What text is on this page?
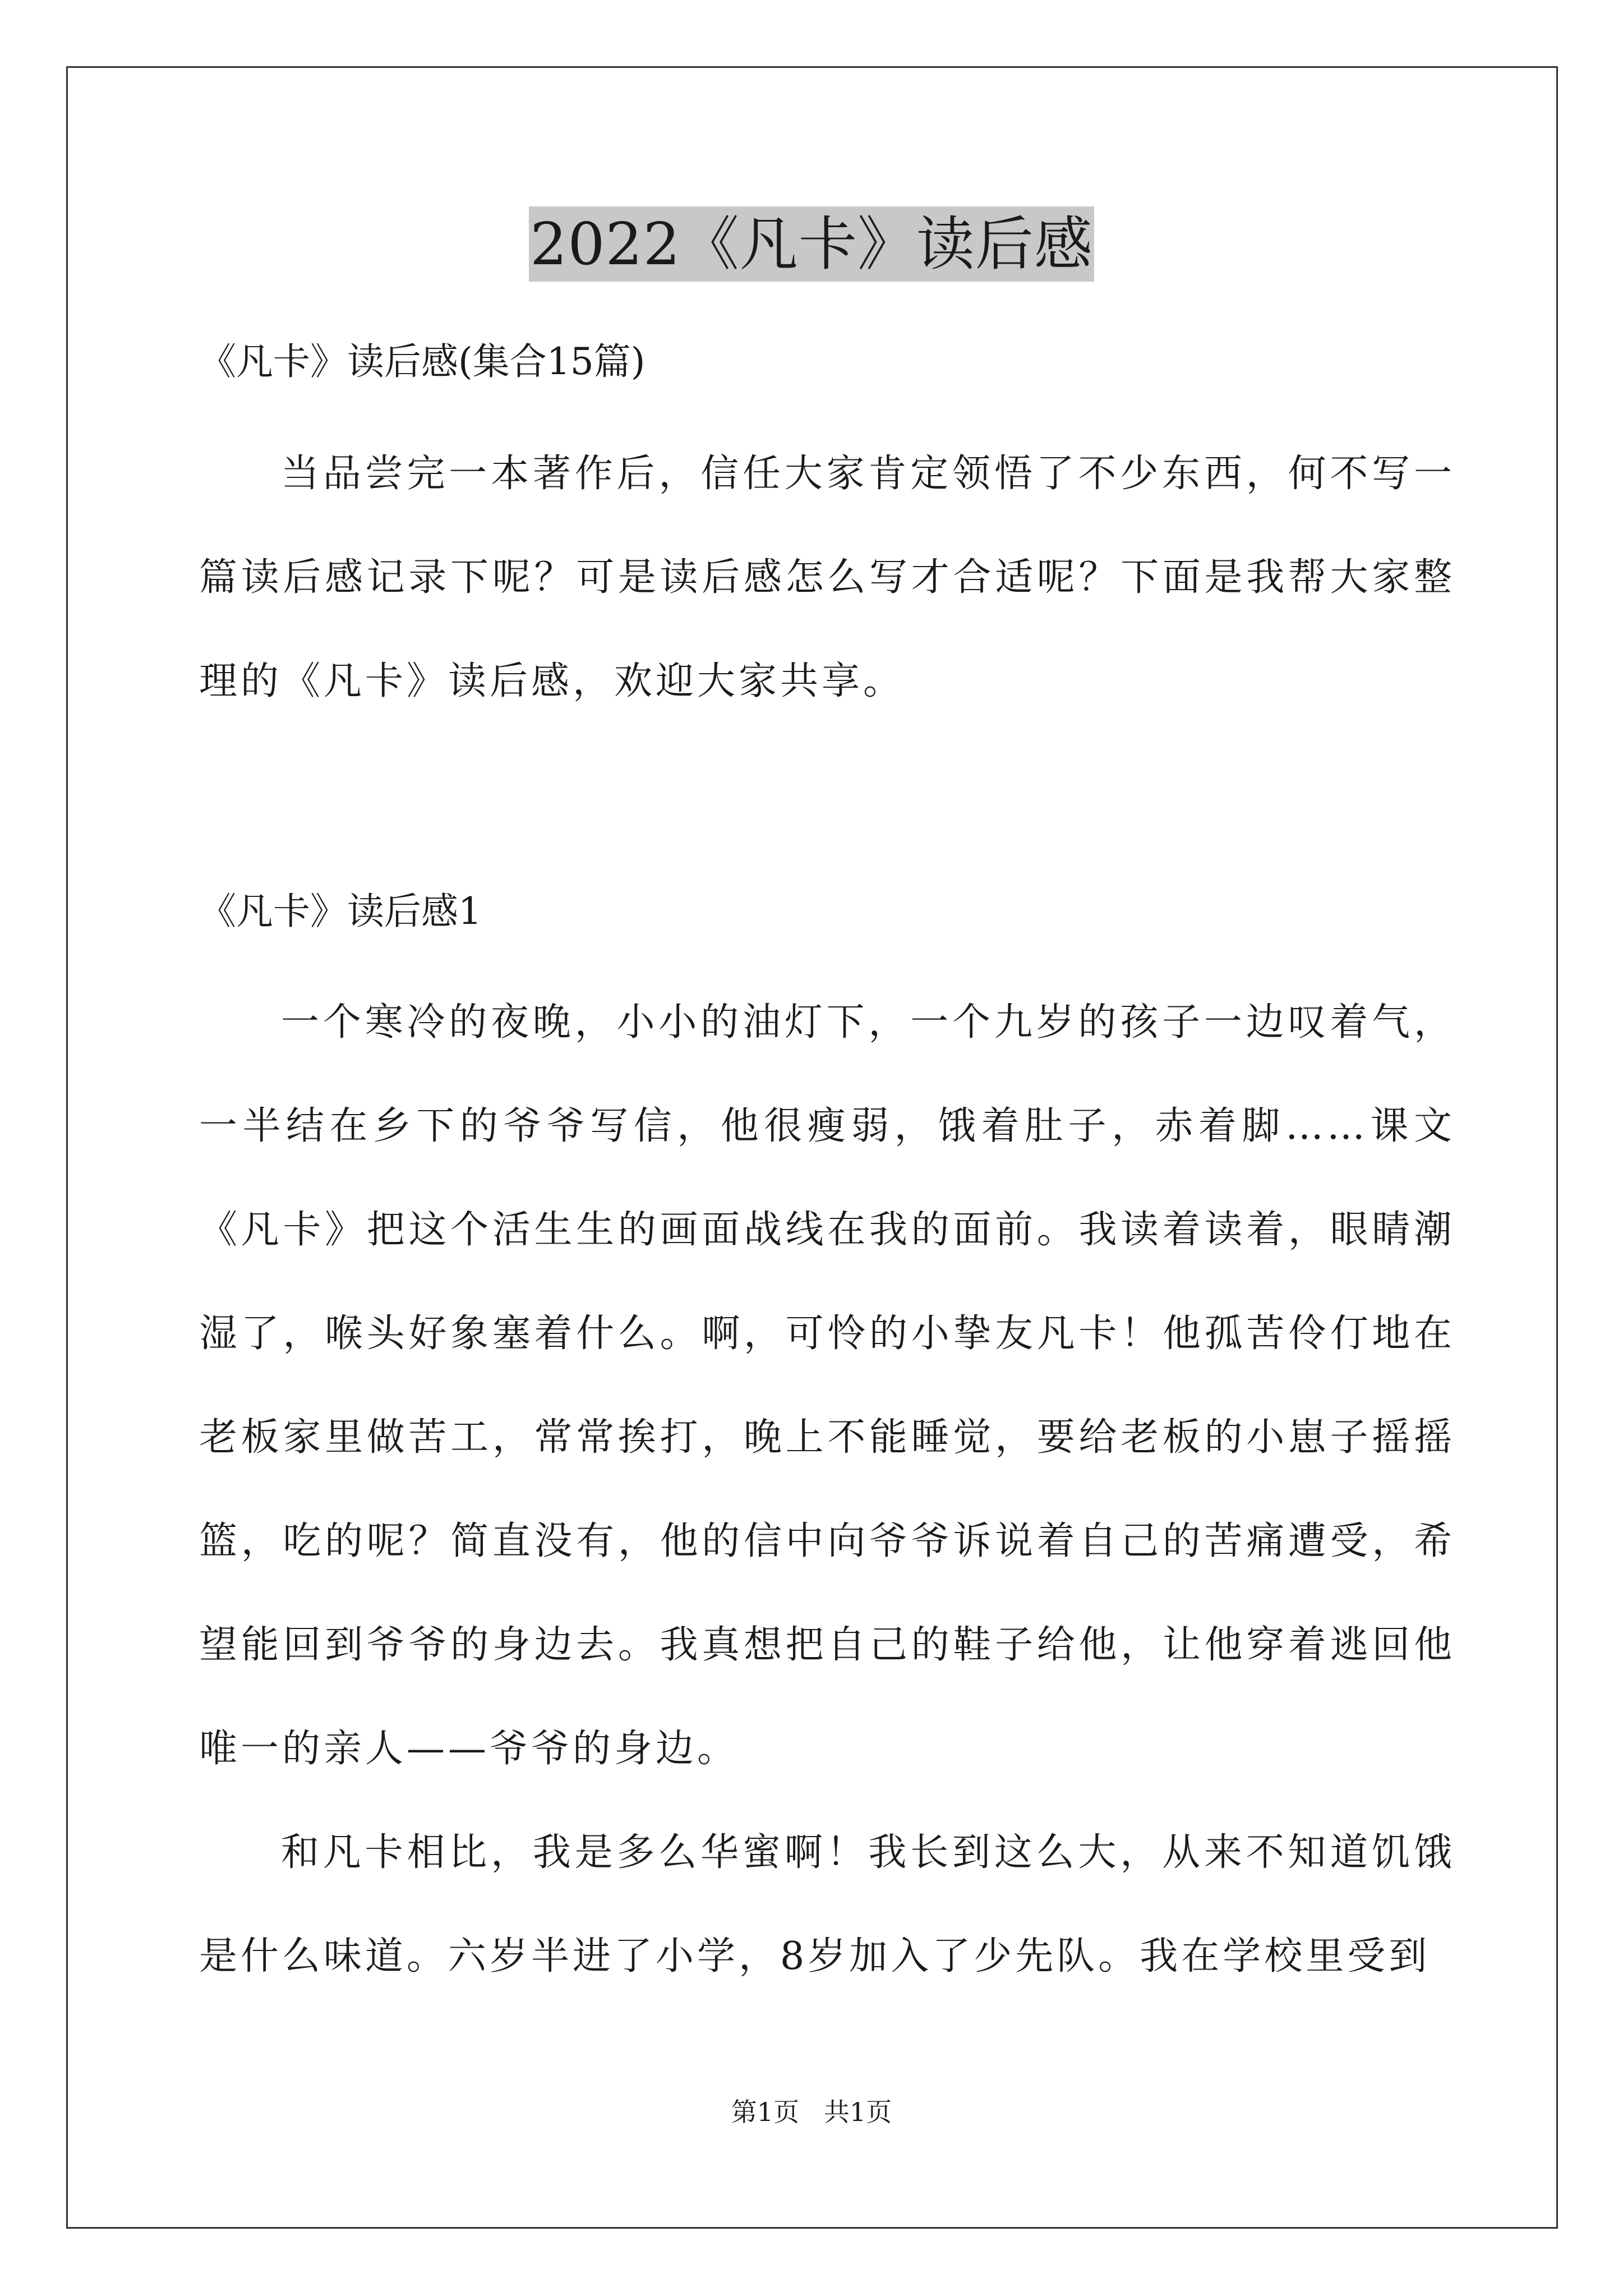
2022《凡卡》读后感
《凡卡》读后感(集合15篇)
当品尝完一本著作后，信任大家肯定领悟了不少东西，何不写一篇读后感记录下呢？可是读后感怎么写才合适呢？下面是我帮大家整理的《凡卡》读后感，欢迎大家共享。
《凡卡》读后感1
一个寒冷的夜晚，小小的油灯下，一个九岁的孩子一边叹着气，一半结在乡下的爷爷写信，他很瘦弱，饿着肚子，赤着脚……课文《凡卡》把这个活生生的画面战线在我的面前。我读着读着，眼睛潮湿了，喉头好象塞着什么。啊，可怜的小挚友凡卡！他孤苦伶仃地在老板家里做苦工，常常挨打，晚上不能睡觉，要给老板的小崽子摇摇篮，吃的呢？简直没有，他的信中向爷爷诉说着自己的苦痛遭受，希望能回到爷爷的身边去。我真想把自己的鞋子给他，让他穿着逃回他唯一的亲人——爷爷的身边。
和凡卡相比，我是多么华蜜啊！我长到这么大，从来不知道饥饿是什么味道。六岁半进了小学，8岁加入了少先队。我在学校里受到
第1页   共1页
